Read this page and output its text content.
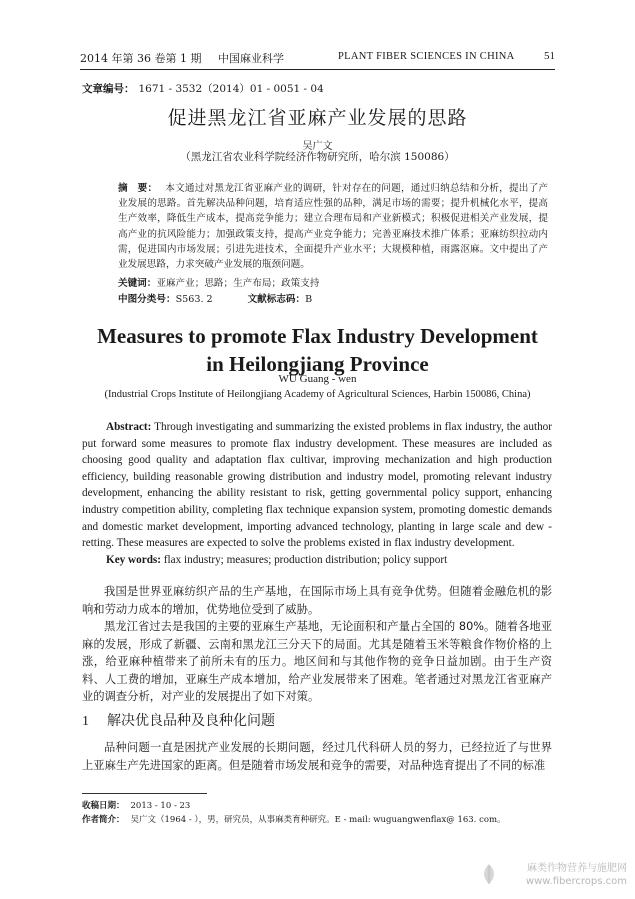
2014 年第 36 卷第 1 期 中国麻业科学	PLANT FIBER SCIENCES IN CHINA	51
文章编号： 1671 - 3532（2014）01 - 0051 - 04
促进黑龙江省亚麻产业发展的思路
吴广文
（黑龙江省农业科学院经济作物研究所，哈尔滨 150086）
摘　要： 本文通过对黑龙江省亚麻产业的调研，针对存在的问题，通过归纳总结和分析，提出了产业发展的思路。首先解决品种问题，培育适应性强的品种，满足市场的需要；提升机械化水平，提高生产效率，降低生产成本，提高竞争能力；建立合理布局和产业新模式；积极促进相关产业发展，提高产业的抗风险能力；加强政策支持，提高产业竞争能力；完善亚麻技术推广体系；亚麻纺织拉动内需，促进国内市场发展；引进先进技术，全面提升产业水平；大规模种植，雨露沤麻。文中提出了产业发展思路，力求突破产业发展的瓶颈问题。
关键词：亚麻产业；思路；生产布局；政策支持
中图分类号：S563. 2	文献标志码：B
Measures to promote Flax Industry Development
in Heilongjiang Province
WU Guang - wen
(Industrial Crops Institute of Heilongjiang Academy of Agricultural Sciences, Harbin 150086, China)
Abstract: Through investigating and summarizing the existed problems in flax industry, the author put forward some measures to promote flax industry development. These measures are included as choosing good quality and adaptation flax cultivar, improving mechanization and high production efficiency, building reasonable growing distribution and industry model, promoting relevant industry development, enhancing the ability resistant to risk, getting governmental policy support, enhancing industry competition ability, completing flax technique expansion system, promoting domestic demands and domestic market development, importing advanced technology, planting in large scale and dew - retting. These measures are expected to solve the problems existed in flax industry development.
Key words: flax industry; measures; production distribution; policy support
我国是世界亚麻纺织产品的生产基地，在国际市场上具有竞争优势。但随着金融危机的影响和劳动力成本的增加，优势地位受到了威胁。
黑龙江省过去是我国的主要的亚麻生产基地，无论面积和产量占全国的 80%。随着各地亚麻的发展，形成了新疆、云南和黑龙江三分天下的局面。尤其是随着玉米等粮食作物价格的上涨，给亚麻种植带来了前所未有的压力。地区间和与其他作物的竞争日益加剧。由于生产资料、人工费的增加，亚麻生产成本增加，给产业发展带来了困难。笔者通过对黑龙江省亚麻产业的调查分析，对产业的发展提出了如下对策。
1 解决优良品种及良种化问题
品种问题一直是困扰产业发展的长期问题，经过几代科研人员的努力，已经拉近了与世界上亚麻生产先进国家的距离。但是随着市场发展和竞争的需要，对品种选育提出了不同的标准
收稿日期： 2013 - 10 - 23
作者简介： 吴广文（1964 - ），男，研究员，从事麻类育种研究。E - mail: wuguangwenflax@ 163. com。
麻类作物营养与施肥网
www.fibercrops.com
